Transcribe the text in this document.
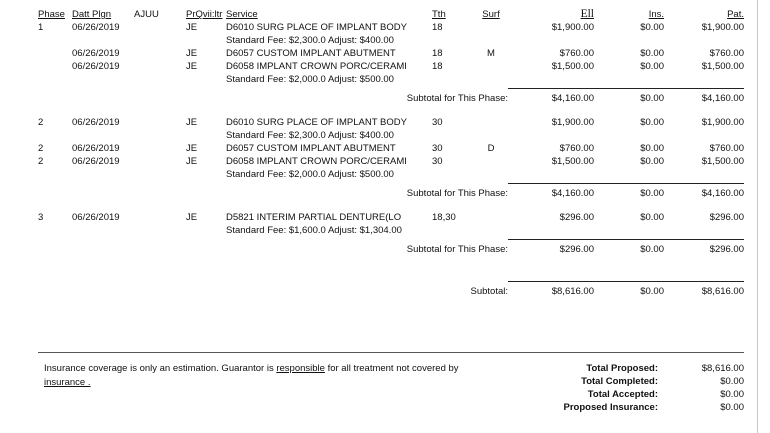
Phase	Datt Plgn	AJUU	PrQvii:ltr	Service	Tth	Surf	Ell	Ins.	Pat.
1	06/26/2019		JE	D6010 SURG PLACE OF IMPLANT BODY	18		$1,900.00	$0.00	$1,900.00
				Standard Fee: $2,300.0 Adjust: $400.00					
	06/26/2019		JE	D6057 CUSTOM IMPLANT ABUTMENT	18	M	$760.00	$0.00	$760.00
	06/26/2019		JE	D6058 IMPLANT CROWN PORC/CERAMI	18		$1,500.00	$0.00	$1,500.00
				Standard Fee: $2,000.0 Adjust: $500.00					

Subtotal for This Phase:							$4,160.00	$0.00	$4,160.00

2	06/26/2019		JE	D6010 SURG PLACE OF IMPLANT BODY	30		$1,900.00	$0.00	$1,900.00
				Standard Fee: $2,300.0 Adjust: $400.00					
2	06/26/2019		JE	D6057 CUSTOM IMPLANT ABUTMENT	30	D	$760.00	$0.00	$760.00
2	06/26/2019		JE	D6058 IMPLANT CROWN PORC/CERAMI	30		$1,500.00	$0.00	$1,500.00
				Standard Fee: $2,000.0 Adjust: $500.00					

Subtotal for This Phase:							$4,160.00	$0.00	$4,160.00

3	06/26/2019		JE	D5821 INTERIM PARTIAL DENTURE(LO	18,30		$296.00	$0.00	$296.00
				Standard Fee: $1,600.0 Adjust: $1,304.00					

Subtotal for This Phase:							$296.00	$0.00	$296.00

Subtotal:							$8,616.00	$0.00	$8,616.00
Insurance coverage is only an estimation. Guarantor is responsible for all treatment not covered by
insurance .
Total Proposed:	$8,616.00
Total Completed:	$0.00
Total Accepted:	$0.00
Proposed Insurance:	$0.00
